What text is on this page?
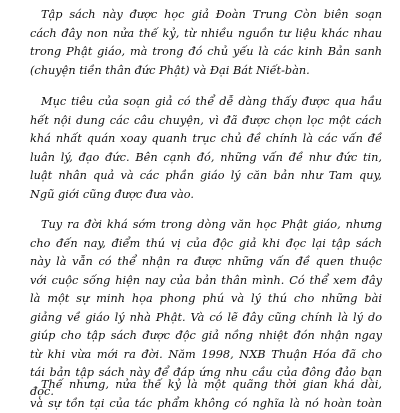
Tập sách này được học giả Đoàn Trung Còn biên soạn
cách đây non nửa thế kỷ, từ nhiều nguồn tư liệu khác nhau
trong Phật giáo, mà trong đó chủ yếu là các kinh Bản sanh
(chuyện tiền thân đức Phật) và Đại Bát Niết-bàn.
Mục tiêu của soạn giả có thể dễ dàng thấy được qua hầu
hết nội dung các câu chuyện, vì đã được chọn lọc một cách
khá nhất quán xoay quanh trục chủ đề chính là các vấn đề
luân lý, đạo đức. Bên cạnh đó, những vấn đề như đức tin,
luật nhân quả và các phần giáo lý căn bản như Tam quy,
Ngũ giới cũng được đưa vào.
Tuy ra đời khá sớm trong dòng văn học Phật giáo, nhưng
cho đến nay, điểm thú vị của độc giả khi đọc lại tập sách
này là vẫn có thể nhận ra được những vấn đề quen thuộc
với cuộc sống hiện nay của bản thân mình. Có thể xem đây
là một sự minh họa phong phú và lý thú cho những bài
giảng về giáo lý nhà Phật. Và có lẽ đây cũng chính là lý do
giúp cho tập sách được độc giả nồng nhiệt đón nhận ngay
từ khi vừa mới ra đời. Năm 1998, NXB Thuận Hóa đã cho
tái bản tập sách này để đáp ứng nhu cầu của đông đảo bạn
đọc.
Thế nhưng, nửa thế kỷ là một quãng thời gian khá dài,
và sự tồn tại của tác phẩm không có nghĩa là nó hoàn toàn
